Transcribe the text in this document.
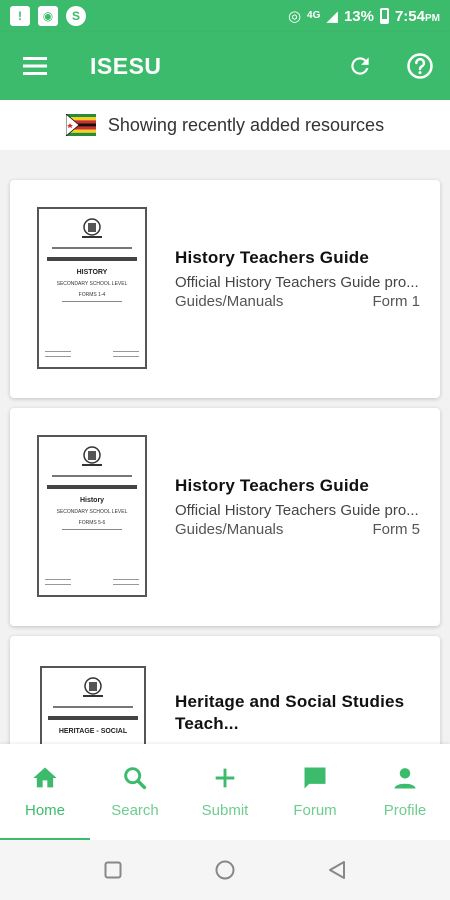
!	◉	S	◎ 4G ◢ 13% 7:54PM
ISESU
Showing recently added resources
HISTORY
SECONDARY SCHOOL LEVEL
FORMS 1-4
History Teachers Guide
Official History Teachers Guide pro...
Guides/Manuals	Form 1
History
SECONDARY SCHOOL LEVEL
FORMS 5-6
History Teachers Guide
Official History Teachers Guide pro...
Guides/Manuals	Form 5
HERITAGE - SOCIAL
Heritage and Social Studies Teach...
Home	Search	Submit	Forum	Profile
